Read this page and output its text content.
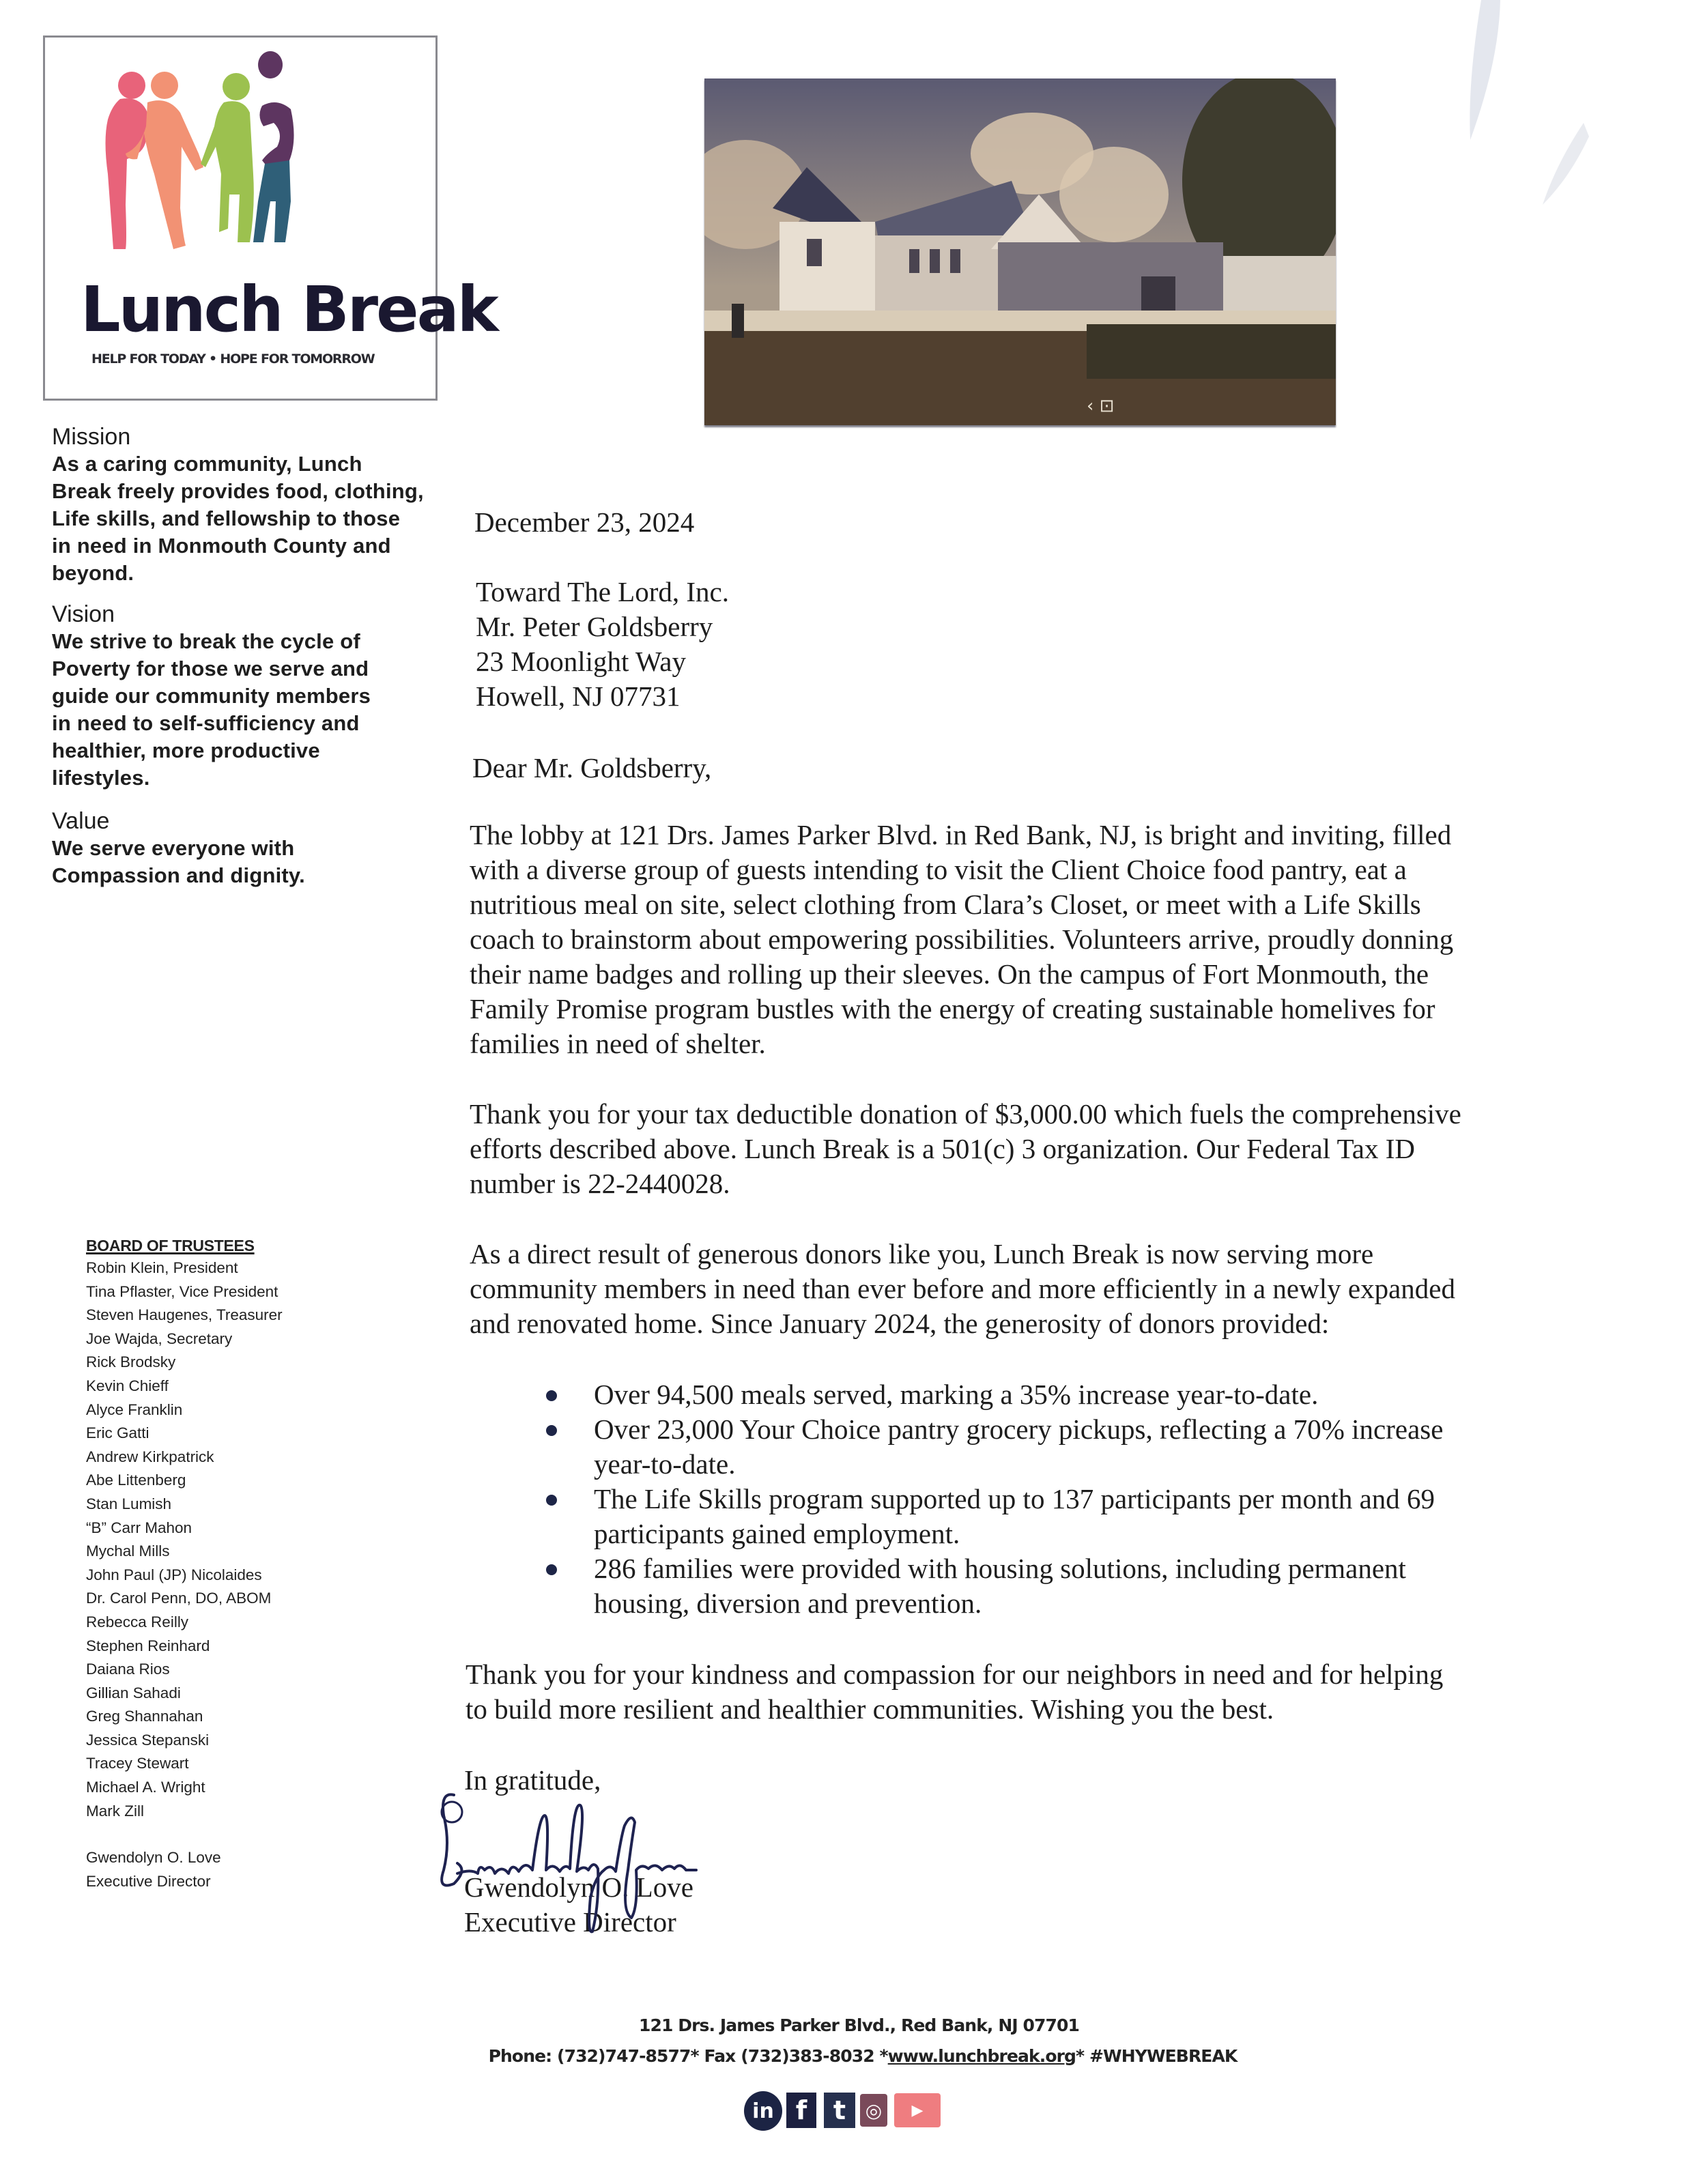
Lunch Break
HELP FOR TODAY • HOPE FOR TOMORROW
‹ ⊡
Mission

As a caring community, Lunch

Break freely provides food, clothing,

Life skills, and fellowship to those

in need in Monmouth County and

beyond.

Vision

We strive to break the cycle of

Poverty for those we serve and

guide our community members

in need to self-sufficiency and

healthier, more productive

lifestyles.

Value

We serve everyone with

Compassion and dignity.

BOARD OF TRUSTEES
Robin Klein, President
Tina Pflaster, Vice President
Steven Haugenes, Treasurer
Joe Wajda, Secretary
Rick Brodsky
Kevin Chieff
Alyce Franklin
Eric Gatti
Andrew Kirkpatrick
Abe Littenberg
Stan Lumish
“B” Carr Mahon
Mychal Mills
John Paul (JP) Nicolaides
Dr. Carol Penn, DO, ABOM
Rebecca Reilly
Stephen Reinhard
Daiana Rios
Gillian Sahadi
Greg Shannahan
Jessica Stepanski
Tracey Stewart
Michael A. Wright
Mark Zill
Gwendolyn O. Love
Executive Director
December 23, 2024
Toward The Lord, Inc.
Mr. Peter Goldsberry
23 Moonlight Way
Howell, NJ 07731
Dear Mr. Goldsberry,
The lobby at 121 Drs. James Parker Blvd. in Red Bank, NJ, is bright and inviting, filled
with a diverse group of guests intending to visit the Client Choice food pantry, eat a
nutritious meal on site, select clothing from Clara’s Closet, or meet with a Life Skills
coach to brainstorm about empowering possibilities. Volunteers arrive, proudly donning
their name badges and rolling up their sleeves. On the campus of Fort Monmouth, the
Family Promise program bustles with the energy of creating sustainable homelives for
families in need of shelter.
Thank you for your tax deductible donation of $3,000.00 which fuels the comprehensive
efforts described above. Lunch Break is a 501(c) 3 organization. Our Federal Tax ID
number is 22-2440028.
As a direct result of generous donors like you, Lunch Break is now serving more
community members in need than ever before and more efficiently in a newly expanded
and renovated home. Since January 2024, the generosity of donors provided:
Over 94,500 meals served, marking a 35% increase year-to-date.
Over 23,000 Your Choice pantry grocery pickups, reflecting a 70% increase
year-to-date.
The Life Skills program supported up to 137 participants per month and 69
participants gained employment.
286 families were provided with housing solutions, including permanent
housing, diversion and prevention.
Thank you for your kindness and compassion for our neighbors in need and for helping
to build more resilient and healthier communities. Wishing you the best.
In gratitude,
Gwendolyn O. Love
Executive Director
121 Drs. James Parker Blvd., Red Bank, NJ 07701
Phone: (732)747-8577* Fax (732)383-8032 *www.lunchbreak.org* #WHYWEBREAK
in f	t	◎	▶
